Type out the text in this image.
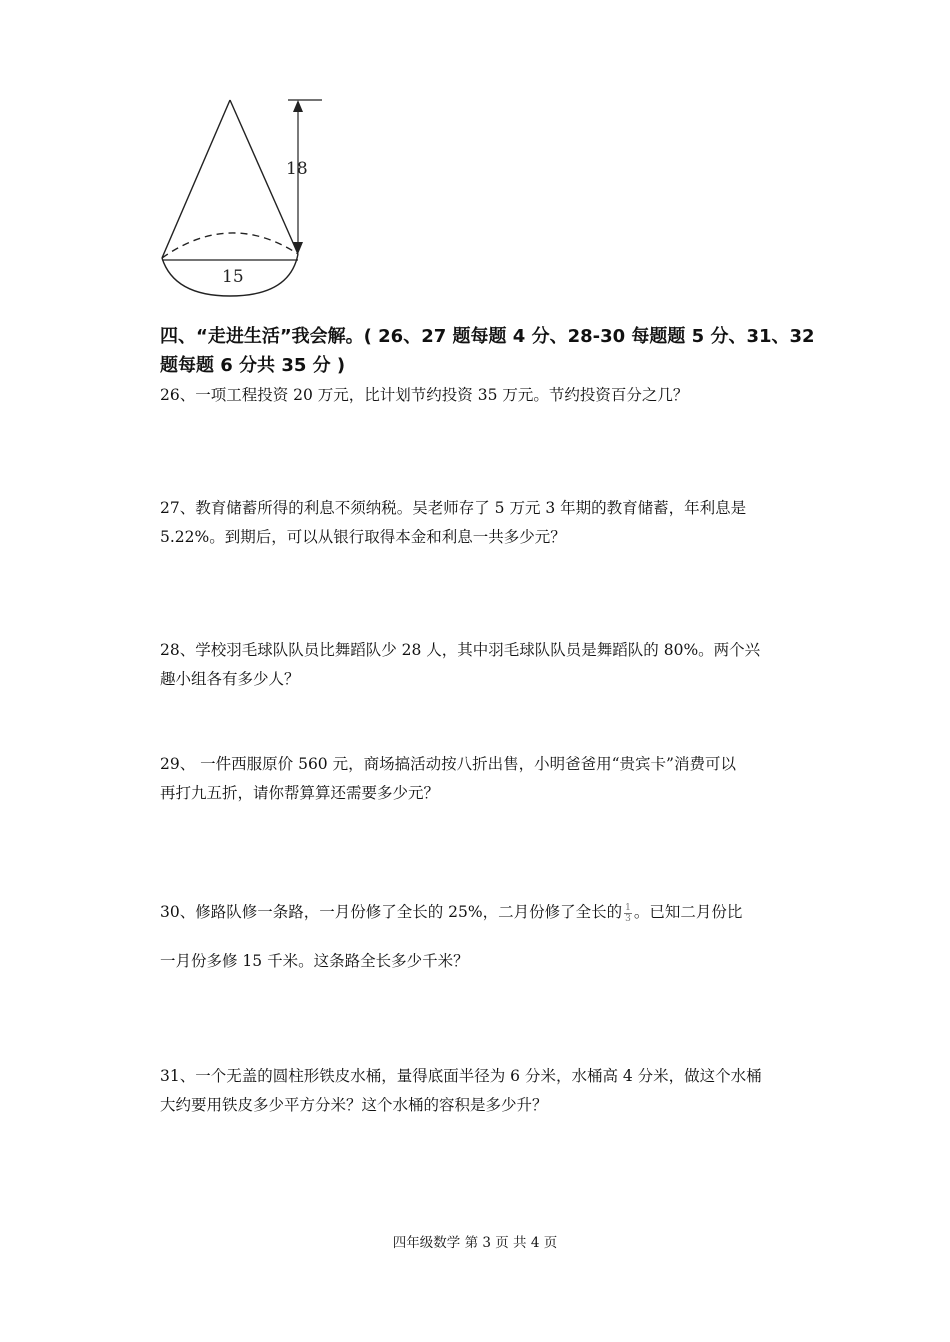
18
15
四、“走进生活”我会解。( 26、27 题每题 4 分、28-30 每题题 5 分、31、32
题每题 6 分共 35 分 )
26、一项工程投资 20 万元，比计划节约投资 35 万元。节约投资百分之几？
27、教育储蓄所得的利息不须纳税。吴老师存了 5 万元 3 年期的教育储蓄，年利息是
5.22%。到期后，可以从银行取得本金和利息一共多少元？
28、学校羽毛球队队员比舞蹈队少 28 人，其中羽毛球队队员是舞蹈队的 80%。两个兴
趣小组各有多少人？
29、 一件西服原价 560 元，商场搞活动按八折出售，小明爸爸用“贵宾卡”消费可以
再打九五折，请你帮算算还需要多少元？
30、修路队修一条路，一月份修了全长的 25%，二月份修了全长的 $\frac{1}{3}$ 。已知二月份比
一月份多修 15 千米。这条路全长多少千米？
31、一个无盖的圆柱形铁皮水桶，量得底面半径为 6 分米，水桶高 4 分米，做这个水桶
大约要用铁皮多少平方分米？这个水桶的容积是多少升？
四年级数学 第 3 页 共 4 页
